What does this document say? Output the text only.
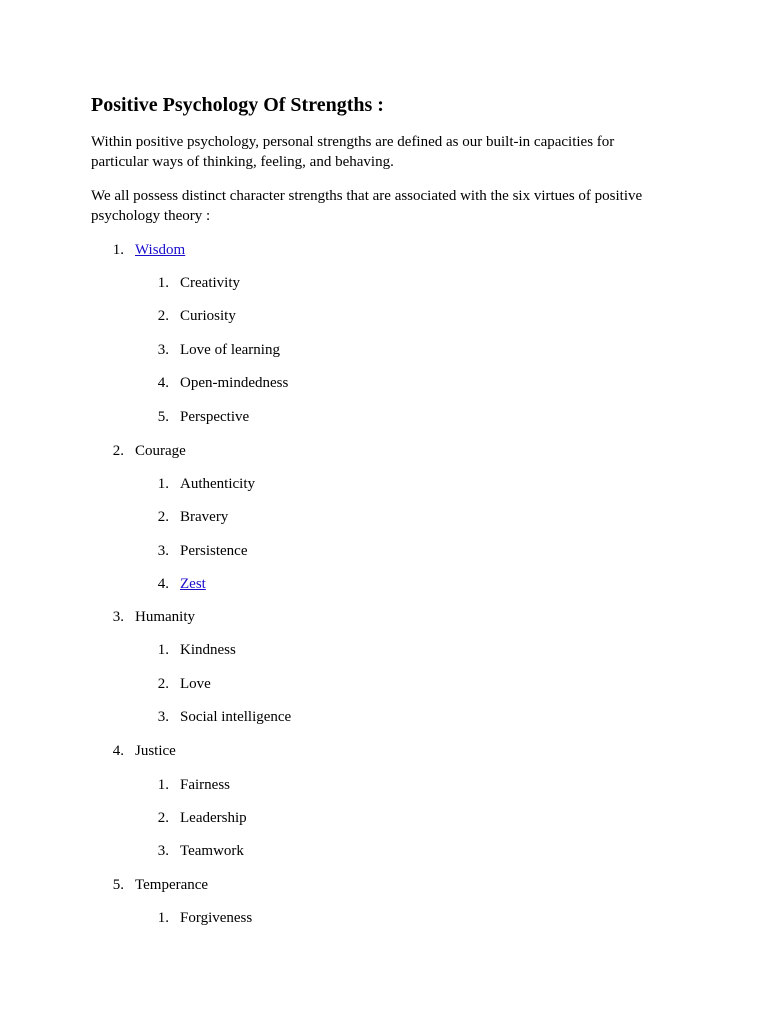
Positive Psychology Of Strengths :

Within positive psychology, personal strengths are defined as our built-in capacities for particular ways of thinking, feeling, and behaving.

We all possess distinct character strengths that are associated with the six virtues of positive psychology theory :

1. Wisdom
1. Creativity
2. Curiosity
3. Love of learning
4. Open-mindedness
5. Perspective
2. Courage
1. Authenticity
2. Bravery
3. Persistence
4. Zest
3. Humanity
1. Kindness
2. Love
3. Social intelligence
4. Justice
1. Fairness
2. Leadership
3. Teamwork
5. Temperance
1. Forgiveness
